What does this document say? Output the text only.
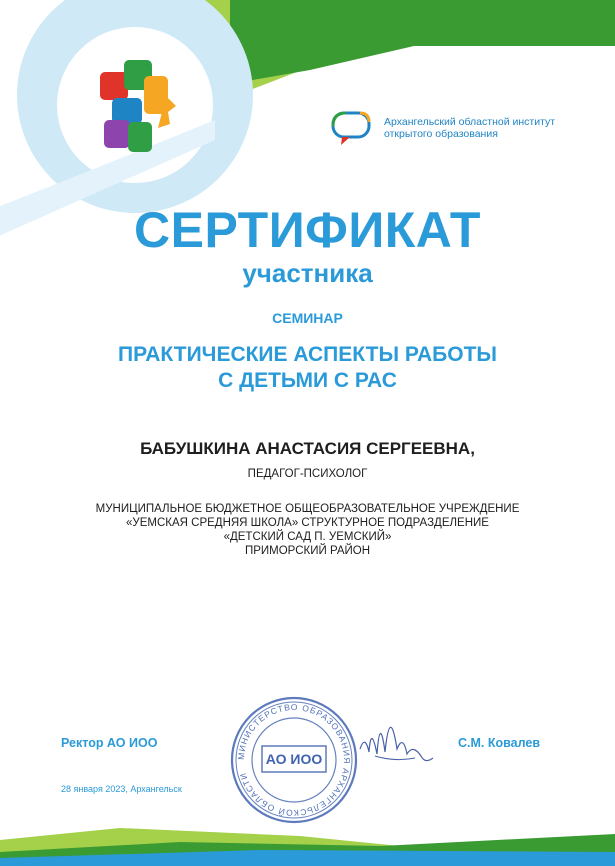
Архангельский областной институт
открытого образования

СЕРТИФИКАТ

участника

СЕМИНАР

ПРАКТИЧЕСКИЕ АСПЕКТЫ РАБОТЫ

С ДЕТЬМИ С РАС

БАБУШКИНА АНАСТАСИЯ СЕРГЕЕВНА,

ПЕДАГОГ-ПСИХОЛОГ

МУНИЦИПАЛЬНОЕ БЮДЖЕТНОЕ ОБЩЕОБРАЗОВАТЕЛЬНОЕ УЧРЕЖДЕНИЕ

«УЕМСКАЯ СРЕДНЯЯ ШКОЛА» СТРУКТУРНОЕ ПОДРАЗДЕЛЕНИЕ

«ДЕТСКИЙ САД П. УЕМСКИЙ»

ПРИМОРСКИЙ РАЙОН

Ректор АО ИОО	С.М. Ковалев
28 января 2023, Архангельск
МИНИСТЕРСТВО ОБРАЗОВАНИЯ АРХАНГЕЛЬСКОЙ ОБЛАСТИ
АО ИОО
